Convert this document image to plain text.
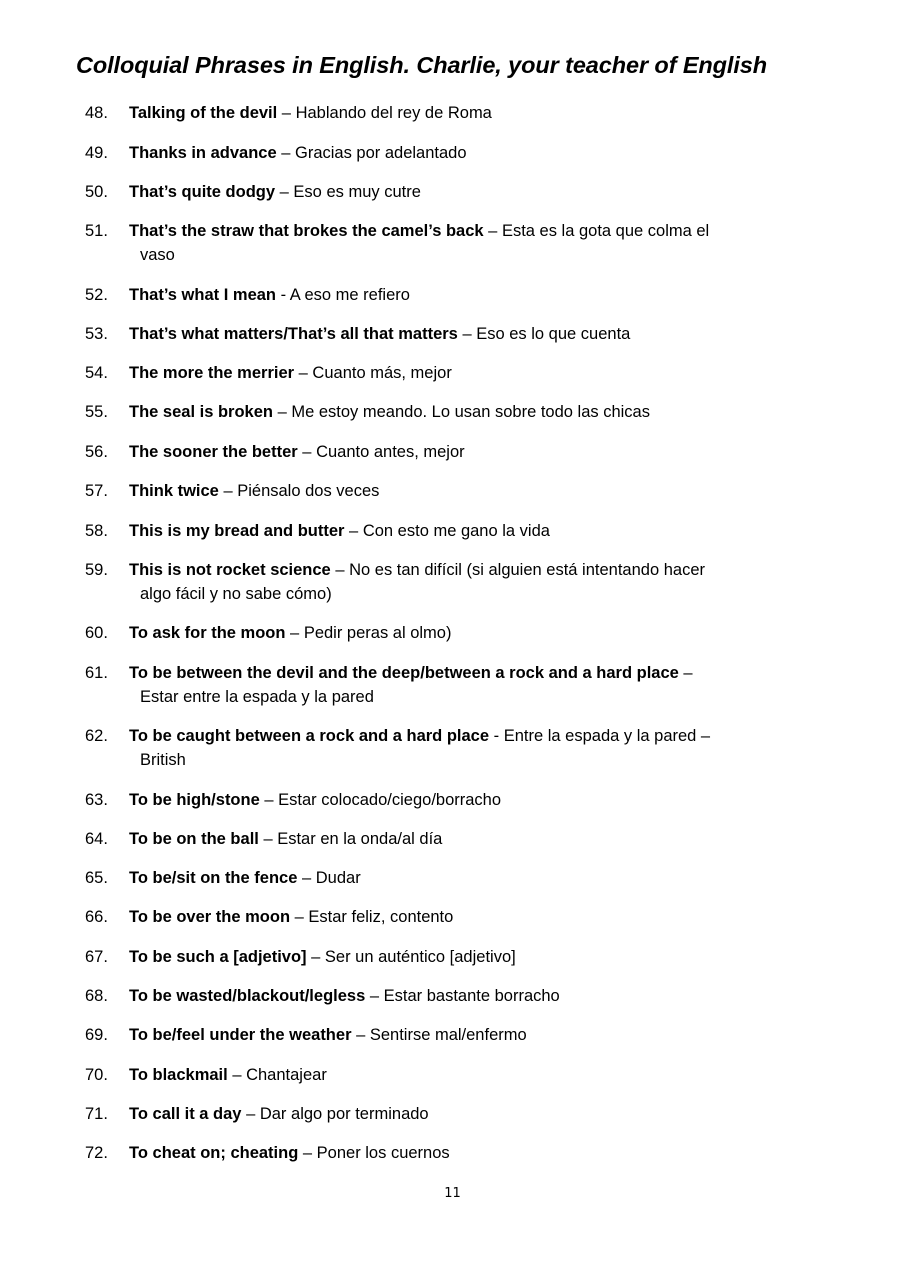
Colloquial Phrases in English. Charlie, your teacher of English
48.	Talking of the devil – Hablando del rey de Roma
49.	Thanks in advance – Gracias por adelantado
50.	That’s quite dodgy – Eso es muy cutre
51.	That’s the straw that brokes the camel’s back – Esta es la gota que colma el
vaso
52.	That’s what I mean - A eso me refiero
53.	That’s what matters/That’s all that matters – Eso es lo que cuenta
54.	The more the merrier – Cuanto más, mejor
55.	The seal is broken – Me estoy meando. Lo usan sobre todo las chicas
56.	The sooner the better – Cuanto antes, mejor
57.	Think twice – Piénsalo dos veces
58.	This is my bread and butter – Con esto me gano la vida
59.	This is not rocket science – No es tan difícil (si alguien está intentando hacer
algo fácil y no sabe cómo)
60.	To ask for the moon – Pedir peras al olmo)
61.	To be between the devil and the deep/between a rock and a hard place –
Estar entre la espada y la pared
62.	To be caught between a rock and a hard place - Entre la espada y la pared –
British
63.	To be high/stone – Estar colocado/ciego/borracho
64.	To be on the ball – Estar en la onda/al día
65.	To be/sit on the fence – Dudar
66.	To be over the moon – Estar feliz, contento
67.	To be such a [adjetivo] – Ser un auténtico [adjetivo]
68.	To be wasted/blackout/legless – Estar bastante borracho
69.	To be/feel under the weather – Sentirse mal/enfermo
70.	To blackmail – Chantajear
71.	To call it a day – Dar algo por terminado
72.	To cheat on; cheating – Poner los cuernos
11
